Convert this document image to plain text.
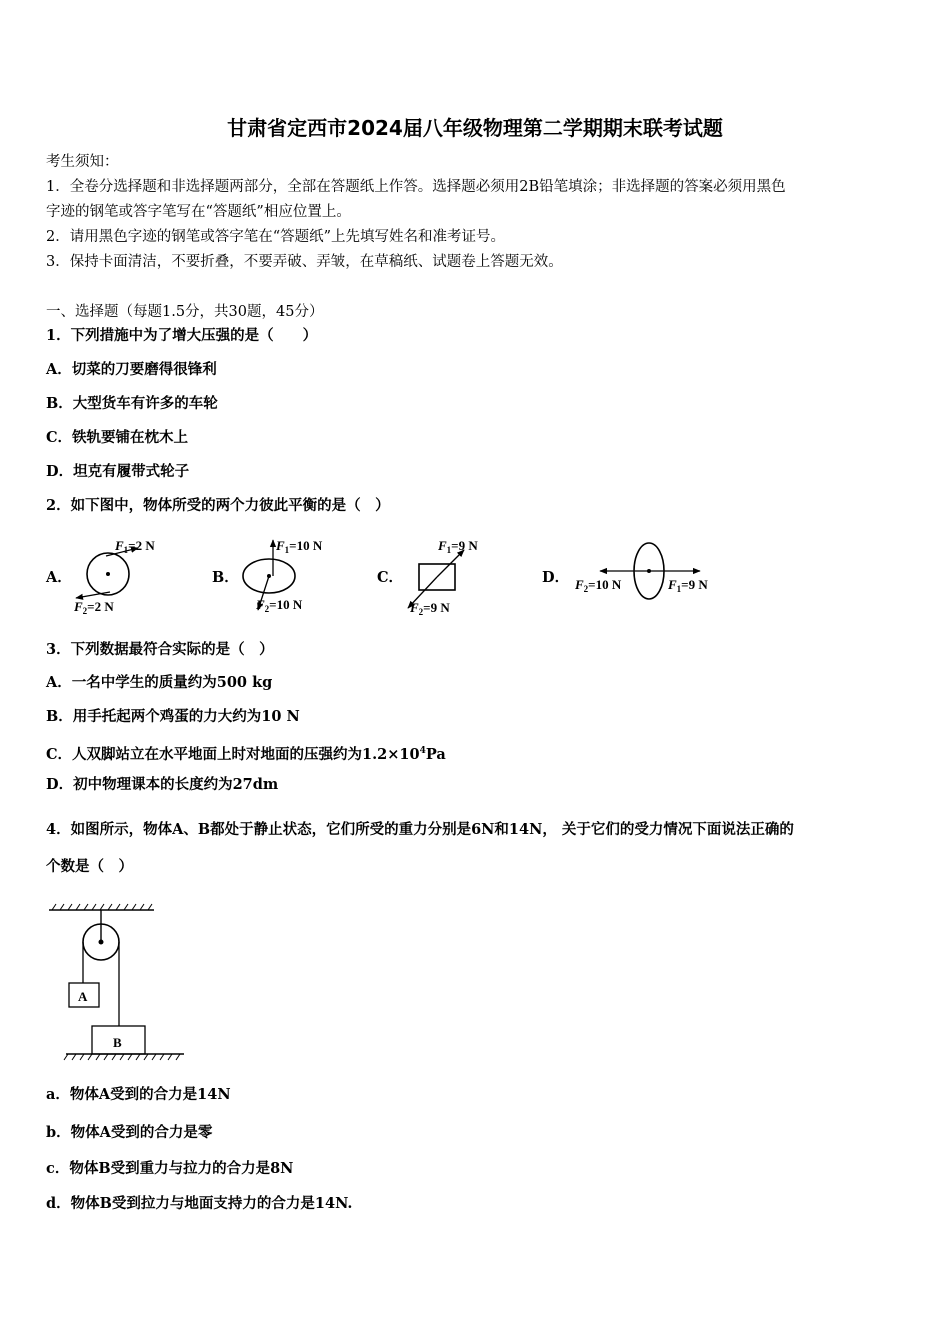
甘肃省定西市2024届八年级物理第二学期期末联考试题
考生须知：
1．全卷分选择题和非选择题两部分，全部在答题纸上作答。选择题必须用2B铅笔填涂；非选择题的答案必须用黑色
字迹的钢笔或答字笔写在“答题纸”相应位置上。
2．请用黑色字迹的钢笔或答字笔在“答题纸”上先填写姓名和准考证号。
3．保持卡面清洁，不要折叠，不要弄破、弄皱，在草稿纸、试题卷上答题无效。
一、选择题（每题1.5分，共30题，45分）
1．下列措施中为了增大压强的是（　　）
A．切菜的刀要磨得很锋利
B．大型货车有许多的车轮
C．铁轨要铺在枕木上
D．坦克有履带式轮子
2．如下图中，物体所受的两个力彼此平衡的是（　）
A．
$F_1=2$ N
$F_2=2$ N
B．
$F_1=10$ N
$F_2=10$ N
C．
$F_1=9$ N
$F_2=9$ N
D． $F_2=10$ N	$F_1=9$ N
3．下列数据最符合实际的是（　）
A．一名中学生的质量约为500 kg
B．用手托起两个鸡蛋的力大约为10 N
C．人双脚站立在水平地面上时对地面的压强约为$1.2\times 10^4Pa$
D．初中物理课本的长度约为27dm
4．如图所示，物体A、B都处于静止状态，它们所受的重力分别是6N和14N， 关于它们的受力情况下面说法正确的
个数是（　）
A
B
a．物体A受到的合力是14N
b．物体A受到的合力是零
c．物体B受到重力与拉力的合力是8N
d．物体B受到拉力与地面支持力的合力是14N.
